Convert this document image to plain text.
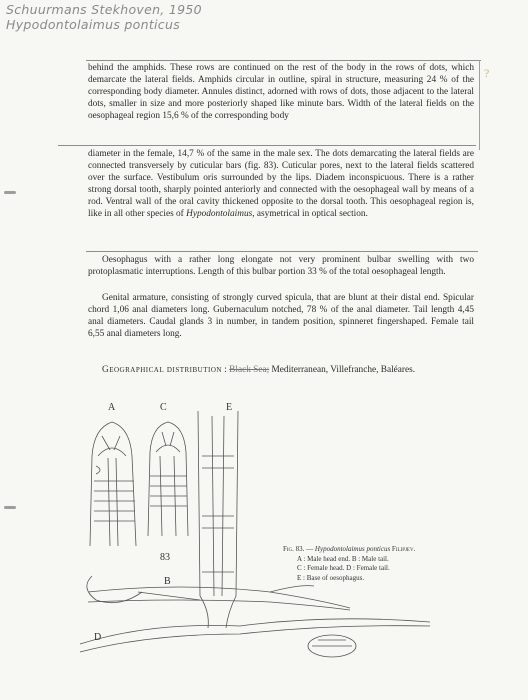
Schuurmans Stekhoven, 1950
Hypodontolaimus ponticus
?

behind the amphids. These rows are continued on the rest of the body in the rows of dots, which demarcate the lateral fields. Amphids circular in outline, spiral in structure, measuring 24 % of the corresponding body diameter. Annules distinct, adorned with rows of dots, those adjacent to the lateral dots, smaller in size and more posteriorly shaped like minute bars. Width of the lateral fields on the oesophageal region 15,6 % of the corresponding body

diameter in the female, 14,7 % of the same in the male sex. The dots demarcating the lateral fields are connected transversely by cuticular bars (fig. 83). Cuticular pores, next to the lateral fields scattered over the surface. Vestibulum oris surrounded by the lips. Diadem inconspicuous. There is a rather strong dorsal tooth, sharply pointed anteriorly and connected with the oesophageal wall by means of a rod. Ventral wall of the oral cavity thickened opposite to the dorsal tooth. This oesophageal region is, like in all other species of Hypodontolaimus, asymetrical in optical section.

Oesophagus with a rather long elongate not very prominent bulbar swelling with two protoplasmatic interruptions. Length of this bulbar portion 33 % of the total oesophageal length.

Genital armature, consisting of strongly curved spicula, that are blunt at their distal end. Spicular chord 1,06 anal diameters long. Gubernaculum notched, 78 % of the anal diameter. Tail length 4,45 anal diameters. Caudal glands 3 in number, in tandem position, spinneret fingershaped. Female tail 6,55 anal diameters long.

Geographical distribution : Black Sea; Mediterranean, Villefranche, Baléares.

A	C	E
83
B
D
Fig. 83. — Hypodontolaimus ponticus Filipjev.
A : Male head end. B : Male tail.
C : Female head. D : Female tail.
E : Base of oesophagus.
